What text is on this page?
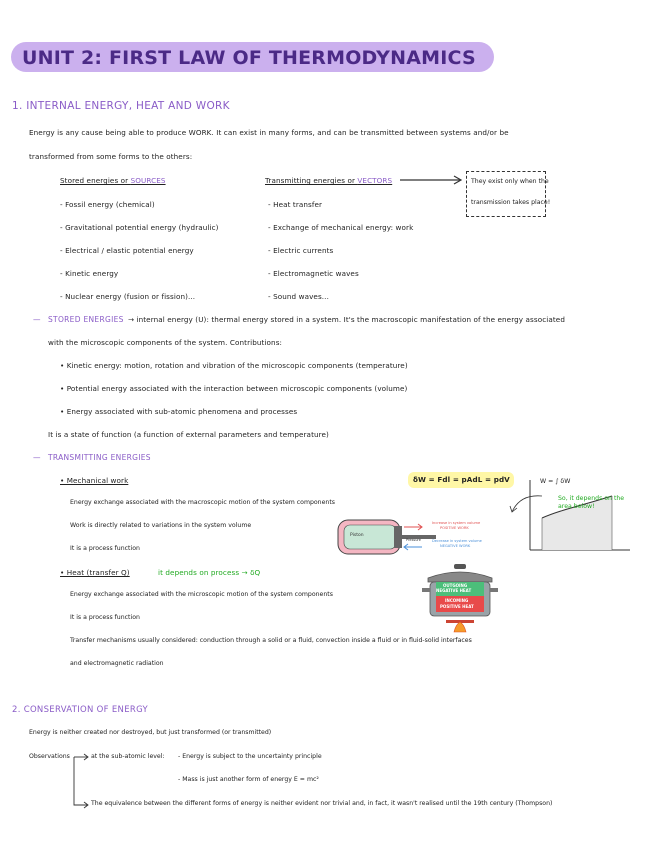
UNIT 2: FIRST LAW OF THERMODYNAMICS
1. INTERNAL ENERGY, HEAT AND WORK
Energy is any cause being able to produce WORK. It can exist in many forms, and can be transmitted between systems and/or be
transformed from some forms to the others:
Stored energies or SOURCES
- Fossil energy (chemical)
- Gravitational potential energy (hydraulic)
- Electrical / elastic potential energy
- Kinetic energy
- Nuclear energy (fusion or fission)...
Transmitting energies or VECTORS
- Heat transfer
- Exchange of mechanical energy: work
- Electric currents
- Electromagnetic waves
- Sound waves...
They exist only when the
transmission takes place!
— STORED ENERGIES → internal energy (U): thermal energy stored in a system. It's the macroscopic manifestation of the energy associated
with the microscopic components of the system. Contributions:
• Kinetic energy: motion, rotation and vibration of the microscopic components (temperature)
• Potential energy associated with the interaction between microscopic components (volume)
• Energy associated with sub-atomic phenomena and processes
It is a state of function (a function of external parameters and temperature)
— TRANSMITTING ENERGIES
• Mechanical work
Energy exchange associated with the macroscopic motion of the system components
Work is directly related to variations in the system volume
It is a process function
• Heat (transfer Q)	it depends on process → δQ
Energy exchange associated with the microscopic motion of the system components
It is a process function
Transfer mechanisms usually considered: conduction through a solid or a fluid, convection inside a fluid or in fluid-solid interfaces
and electromagnetic radiation
δW = Fdl = pAdL = pdV	W = ∫ δW
So, it depends on the
area below!
Piston
Pressure
Increase in system volume
POSITIVE WORK
Decrease in system volume
NEGATIVE WORK
OUTGOING
NEGATIVE HEAT
INCOMING
POSITIVE HEAT
2. CONSERVATION OF ENERGY
Energy is neither created nor destroyed, but just transformed (or transmitted)
Observations	at the sub-atomic level: - Energy is subject to the uncertainty principle
- Mass is just another form of energy E = mc²
The equivalence between the different forms of energy is neither evident nor trivial and, in fact, it wasn't realised until the 19th century (Thompson)
